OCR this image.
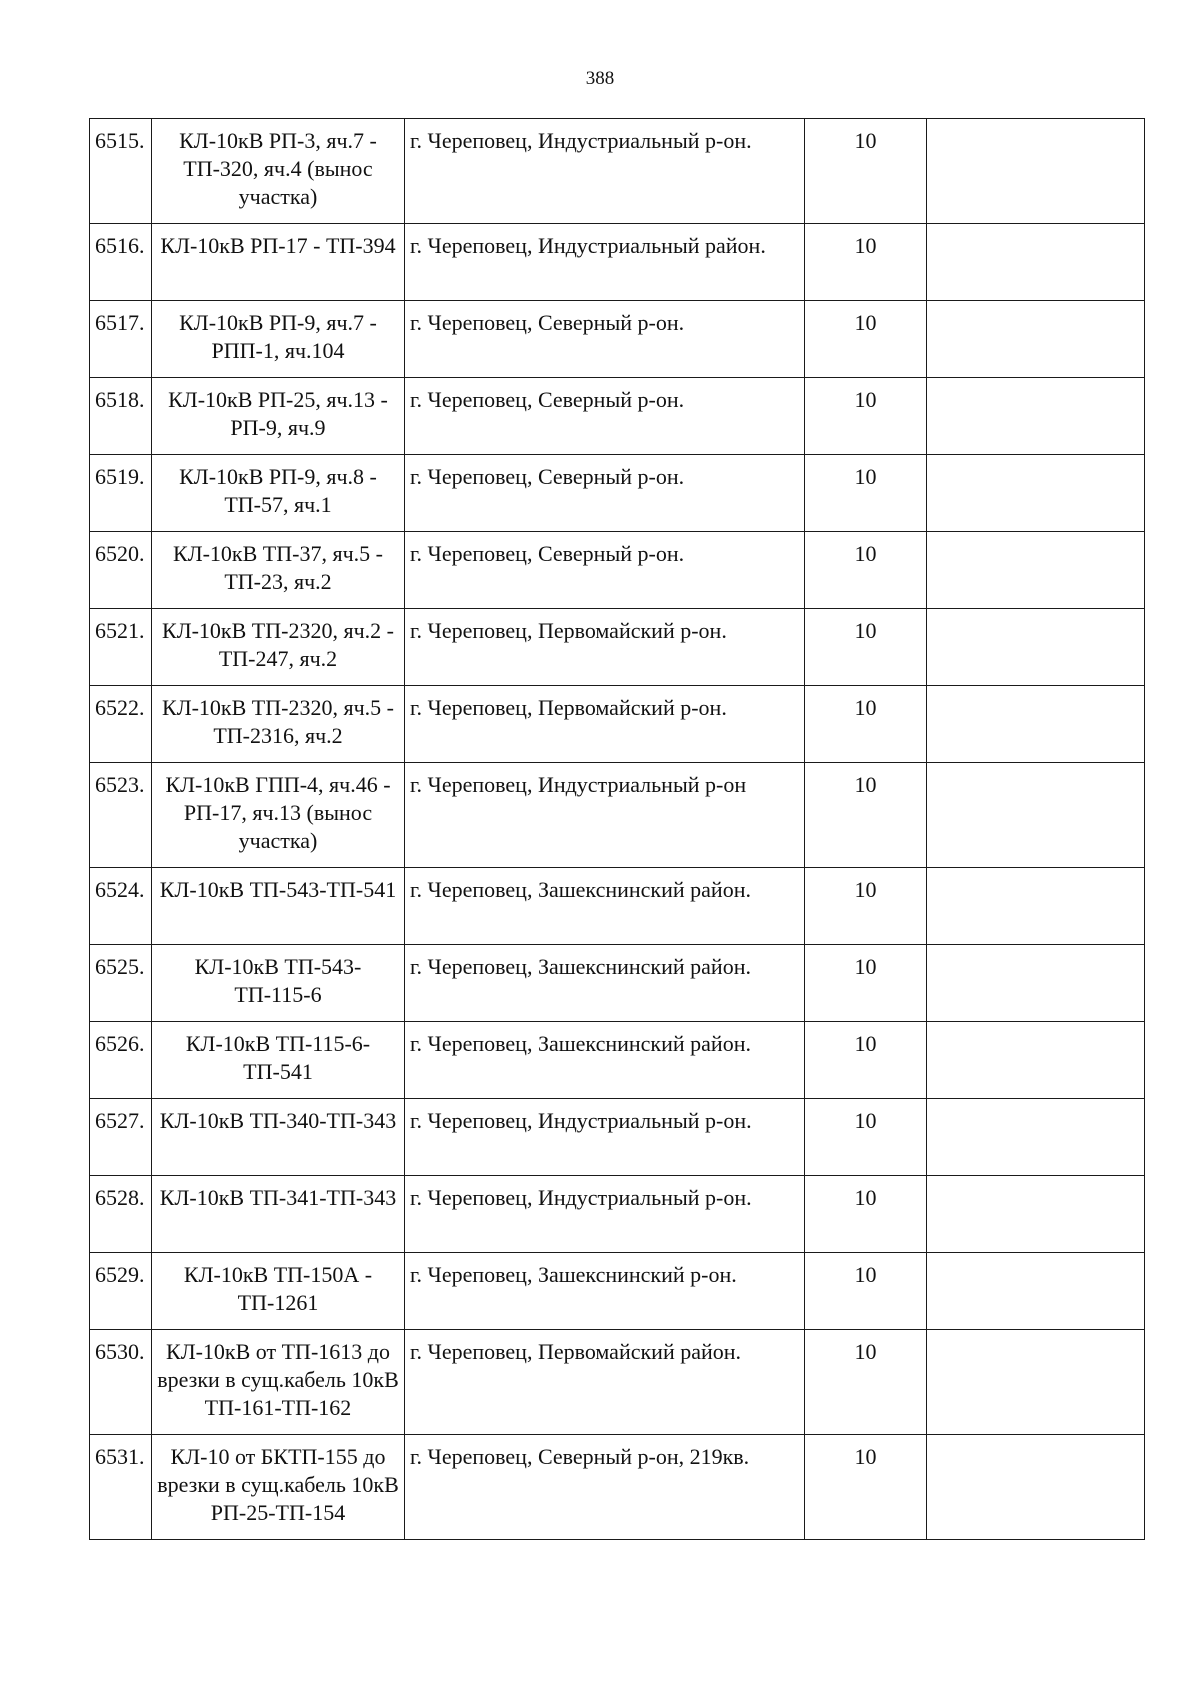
388
6515.	КЛ-10кВ РП-3, яч.7 - ТП-320, яч.4 (вынос участка)	г. Череповец, Индустриальный р-он.	10	
6516.	КЛ-10кВ РП-17 - ТП-394	г. Череповец, Индустриальный район.	10	
6517.	КЛ-10кВ РП-9, яч.7 - РПП-1, яч.104	г. Череповец, Северный р-он.	10	
6518.	КЛ-10кВ РП-25, яч.13 - РП-9, яч.9	г. Череповец, Северный р-он.	10	
6519.	КЛ-10кВ РП-9, яч.8 - ТП-57, яч.1	г. Череповец, Северный р-он.	10	
6520.	КЛ-10кВ ТП-37, яч.5 - ТП-23, яч.2	г. Череповец, Северный р-он.	10	
6521.	КЛ-10кВ ТП-2320, яч.2 - ТП-247, яч.2	г. Череповец, Первомайский р-он.	10	
6522.	КЛ-10кВ ТП-2320, яч.5 - ТП-2316, яч.2	г. Череповец, Первомайский р-он.	10	
6523.	КЛ-10кВ ГПП-4, яч.46 - РП-17, яч.13 (вынос участка)	г. Череповец, Индустриальный р-он	10	
6524.	КЛ-10кВ ТП-543-ТП-541	г. Череповец, Зашекснинский район.	10	
6525.	КЛ-10кВ ТП-543-ТП-115-6	г. Череповец, Зашекснинский район.	10	
6526.	КЛ-10кВ ТП-115-6-ТП-541	г. Череповец, Зашекснинский район.	10	
6527.	КЛ-10кВ ТП-340-ТП-343	г. Череповец, Индустриальный р-он.	10	
6528.	КЛ-10кВ ТП-341-ТП-343	г. Череповец, Индустриальный р-он.	10	
6529.	КЛ-10кВ ТП-150А - ТП-1261	г. Череповец, Зашекснинский р-он.	10	
6530.	КЛ-10кВ от ТП-1613 до врезки в сущ.кабель 10кВ ТП-161-ТП-162	г. Череповец, Первомайский район.	10	
6531.	КЛ-10 от БКТП-155 до врезки в сущ.кабель 10кВ РП-25-ТП-154	г. Череповец, Северный р-он, 219кв.	10	
